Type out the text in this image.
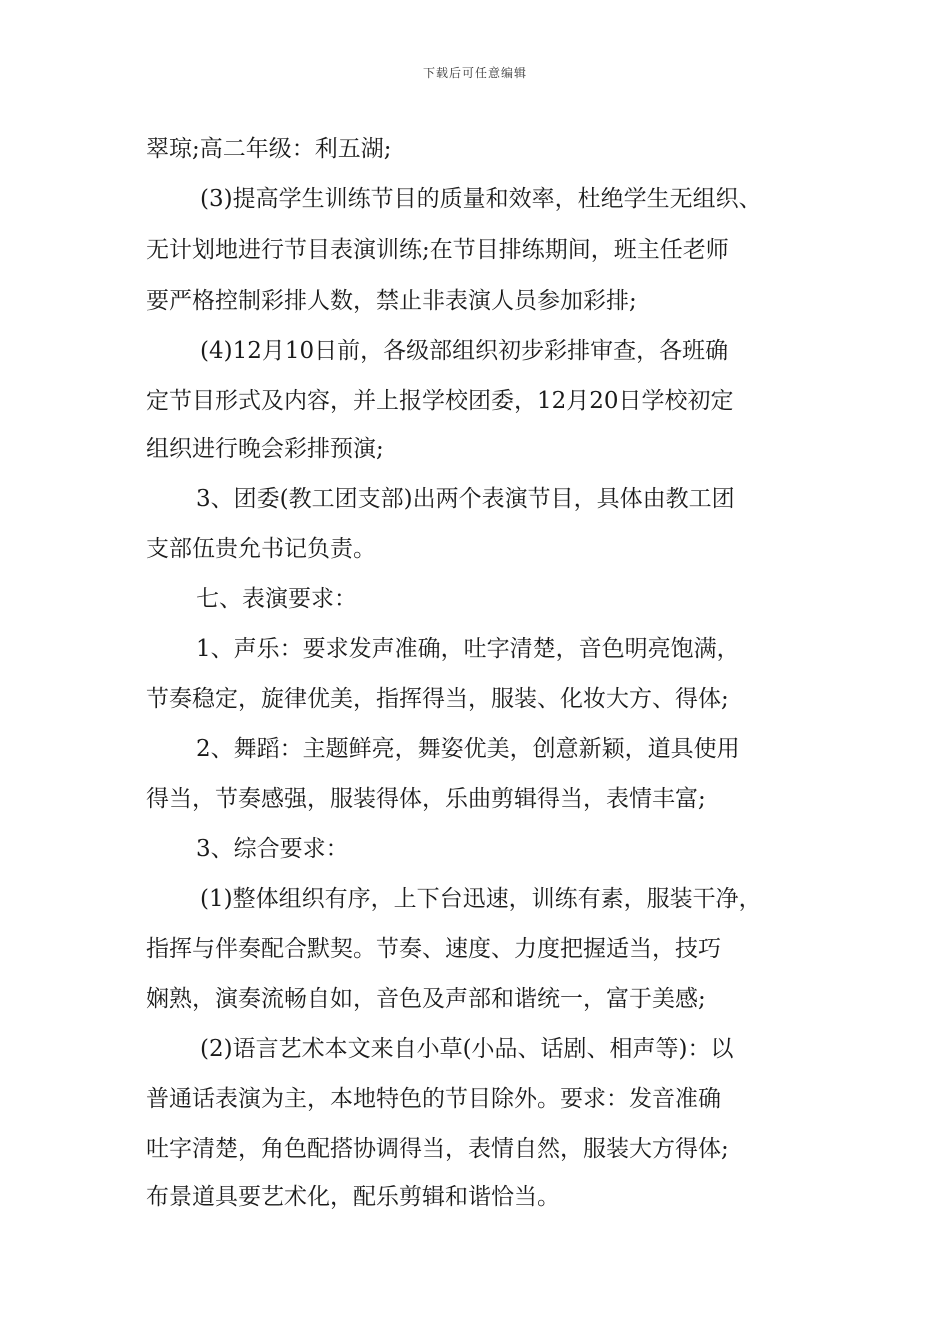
下载后可任意编辑
翠琼;高二年级：利五湖;
(3)提高学生训练节目的质量和效率，杜绝学生无组织、
无计划地进行节目表演训练;在节目排练期间，班主任老师
要严格控制彩排人数，禁止非表演人员参加彩排;
(4)12月10日前，各级部组织初步彩排审查，各班确
定节目形式及内容，并上报学校团委，12月20日学校初定
组织进行晚会彩排预演;
3、团委(教工团支部)出两个表演节目，具体由教工团
支部伍贵允书记负责。
七、表演要求：
1、声乐：要求发声准确，吐字清楚，音色明亮饱满，
节奏稳定，旋律优美，指挥得当，服装、化妆大方、得体;
2、舞蹈：主题鲜亮，舞姿优美，创意新颖，道具使用
得当，节奏感强，服装得体，乐曲剪辑得当，表情丰富;
3、综合要求：
(1)整体组织有序，上下台迅速，训练有素，服装干净，
指挥与伴奏配合默契。节奏、速度、力度把握适当，技巧
娴熟，演奏流畅自如，音色及声部和谐统一，富于美感;
(2)语言艺术本文来自小草(小品、话剧、相声等)：以
普通话表演为主，本地特色的节目除外。要求：发音准确
吐字清楚，角色配搭协调得当，表情自然，服装大方得体;
布景道具要艺术化，配乐剪辑和谐恰当。
